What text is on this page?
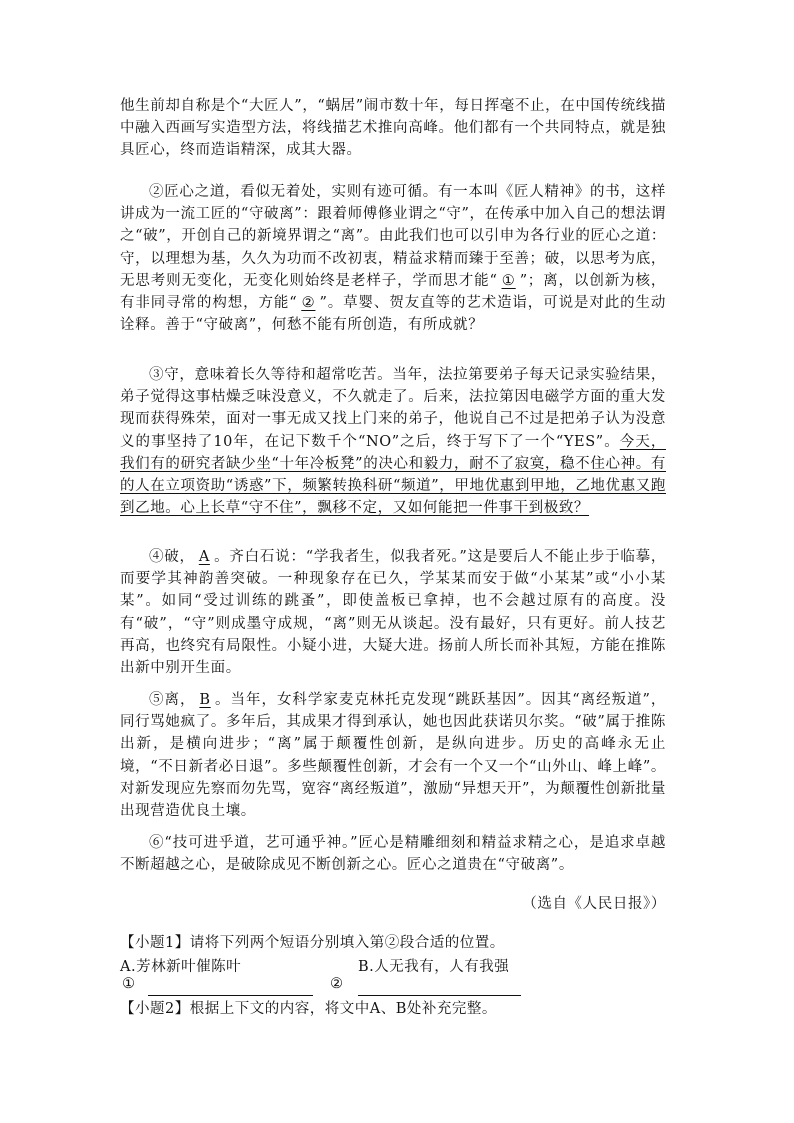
他生前却自称是个“大匠人”，“蜗居”闹市数十年，每日挥毫不止，在中国传统线描中融入西画写实造型方法，将线描艺术推向高峰。他们都有一个共同特点，就是独具匠心，终而造诣精深，成其大器。
②匠心之道，看似无着处，实则有迹可循。有一本叫《匠人精神》的书，这样讲成为一流工匠的“守破离”：跟着师傅修业谓之“守”，在传承中加入自己的想法谓之“破”，开创自己的新境界谓之“离”。由此我们也可以引申为各行业的匠心之道：守，以理想为基，久久为功而不改初衷，精益求精而臻于至善；破，以思考为底，无思考则无变化，无变化则始终是老样子，学而思才能“ ① ”；离，以创新为核，有非同寻常的构想，方能“ ② ”。草婴、贺友直等的艺术造诣，可说是对此的生动诠释。善于“守破离”，何愁不能有所创造，有所成就？
③守，意味着长久等待和超常吃苦。当年，法拉第要弟子每天记录实验结果，弟子觉得这事枯燥乏味没意义，不久就走了。后来，法拉第因电磁学方面的重大发现而获得殊荣，面对一事无成又找上门来的弟子，他说自己不过是把弟子认为没意义的事坚持了10年，在记下数千个“NO”之后，终于写下了一个“YES”。今天，我们有的研究者缺少坐“十年冷板凳”的决心和毅力，耐不了寂寞，稳不住心神。有的人在立项资助“诱惑”下，频繁转换科研“频道”，甲地优惠到甲地，乙地优惠又跑到乙地。心上长草“守不住”，飘移不定，又如何能把一件事干到极致？
④破， A 。齐白石说：“学我者生，似我者死。”这是要后人不能止步于临摹，而要学其神韵善突破。一种现象存在已久，学某某而安于做“小某某”或“小小某某”。如同“受过训练的跳蚤”，即使盖板已拿掉，也不会越过原有的高度。没有“破”，“守”则成墨守成规，“离”则无从谈起。没有最好，只有更好。前人技艺再高，也终究有局限性。小疑小进，大疑大进。扬前人所长而补其短，方能在推陈出新中别开生面。
⑤离， B 。当年，女科学家麦克林托克发现“跳跃基因”。因其“离经叛道”，同行骂她疯了。多年后，其成果才得到承认，她也因此获诺贝尔奖。“破”属于推陈出新，是横向进步；“离”属于颠覆性创新，是纵向进步。历史的高峰永无止境，“不日新者必日退”。多些颠覆性创新，才会有一个又一个“山外山、峰上峰”。对新发现应先察而勿先骂，宽容“离经叛道”，激励“异想天开”，为颠覆性创新批量出现营造优良土壤。
⑥“技可进乎道，艺可通乎神。”匠心是精雕细刻和精益求精之心，是追求卓越不断超越之心，是破除成见不断创新之心。匠心之道贵在“守破离”。
（选自《人民日报》）
【小题1】请将下列两个短语分别填入第②段合适的位置。
A.芳林新叶催陈叶	B.人无我有，人有我强
①	②
【小题2】根据上下文的内容，将文中A、B处补充完整。
